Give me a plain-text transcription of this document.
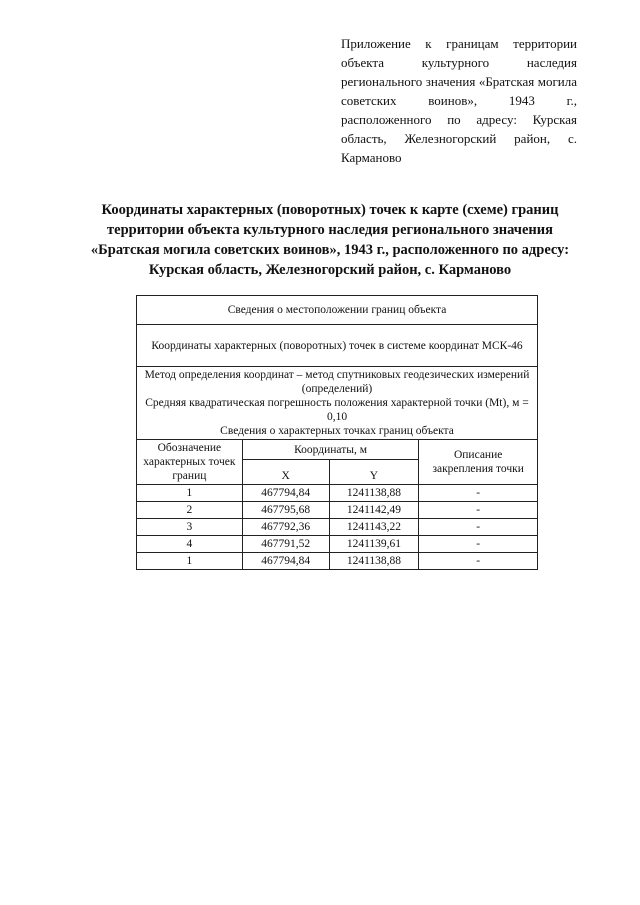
Приложение к границам территории объекта культурного наследия регионального значения «Братская могила советских воинов», 1943 г., расположенного по адресу: Курская область, Железногорский район, с. Карманово
Координаты характерных (поворотных) точек к карте (схеме) границ территории объекта культурного наследия регионального значения «Братская могила советских воинов», 1943 г., расположенного по адресу: Курская область, Железногорский район, с. Карманово
Сведения о местоположении границ объекта			
Координаты характерных (поворотных) точек в системе координат МСК-46			

Метод определения координат – метод спутниковых геодезических измерений (определений)
Средняя квадратическая погрешность положения характерной точки (Mt), м = 0,10
Сведения о характерных точках границ объекта			

Обозначение характерных точек границ	Координаты, м		Описание закрепления точки
	X	Y	
1	467794,84	1241138,88	-
2	467795,68	1241142,49	-
3	467792,36	1241143,22	-
4	467791,52	1241139,61	-
1	467794,84	1241138,88	-
